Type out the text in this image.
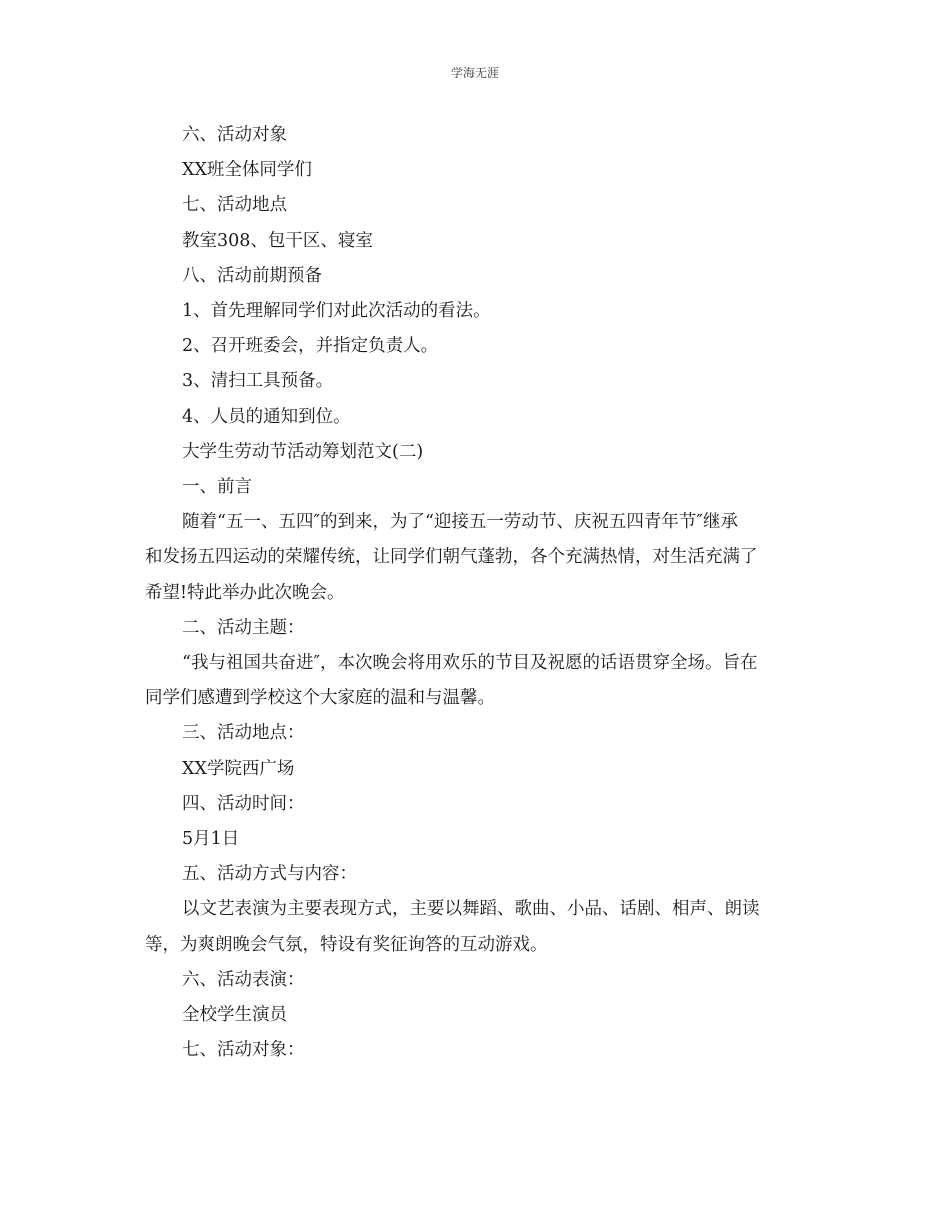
学海无涯
六、活动对象
XX班全体同学们
七、活动地点
教室308、包干区、寝室
八、活动前期预备
1、首先理解同学们对此次活动的看法。
2、召开班委会，并指定负责人。
3、清扫工具预备。
4、人员的通知到位。
大学生劳动节活动筹划范文(二)
一、前言
随着“五一、五四″的到来，为了“迎接五一劳动节、庆祝五四青年节″继承
和发扬五四运动的荣耀传统，让同学们朝气蓬勃，各个充满热情，对生活充满了
希望!特此举办此次晚会。
二、活动主题：
“我与祖国共奋进″，本次晚会将用欢乐的节目及祝愿的话语贯穿全场。旨在
同学们感遭到学校这个大家庭的温和与温馨。
三、活动地点：
XX学院西广场
四、活动时间：
5月1日
五、活动方式与内容：
以文艺表演为主要表现方式，主要以舞蹈、歌曲、小品、话剧、相声、朗读
等，为爽朗晚会气氛，特设有奖征询答的互动游戏。
六、活动表演：
全校学生演员
七、活动对象：
